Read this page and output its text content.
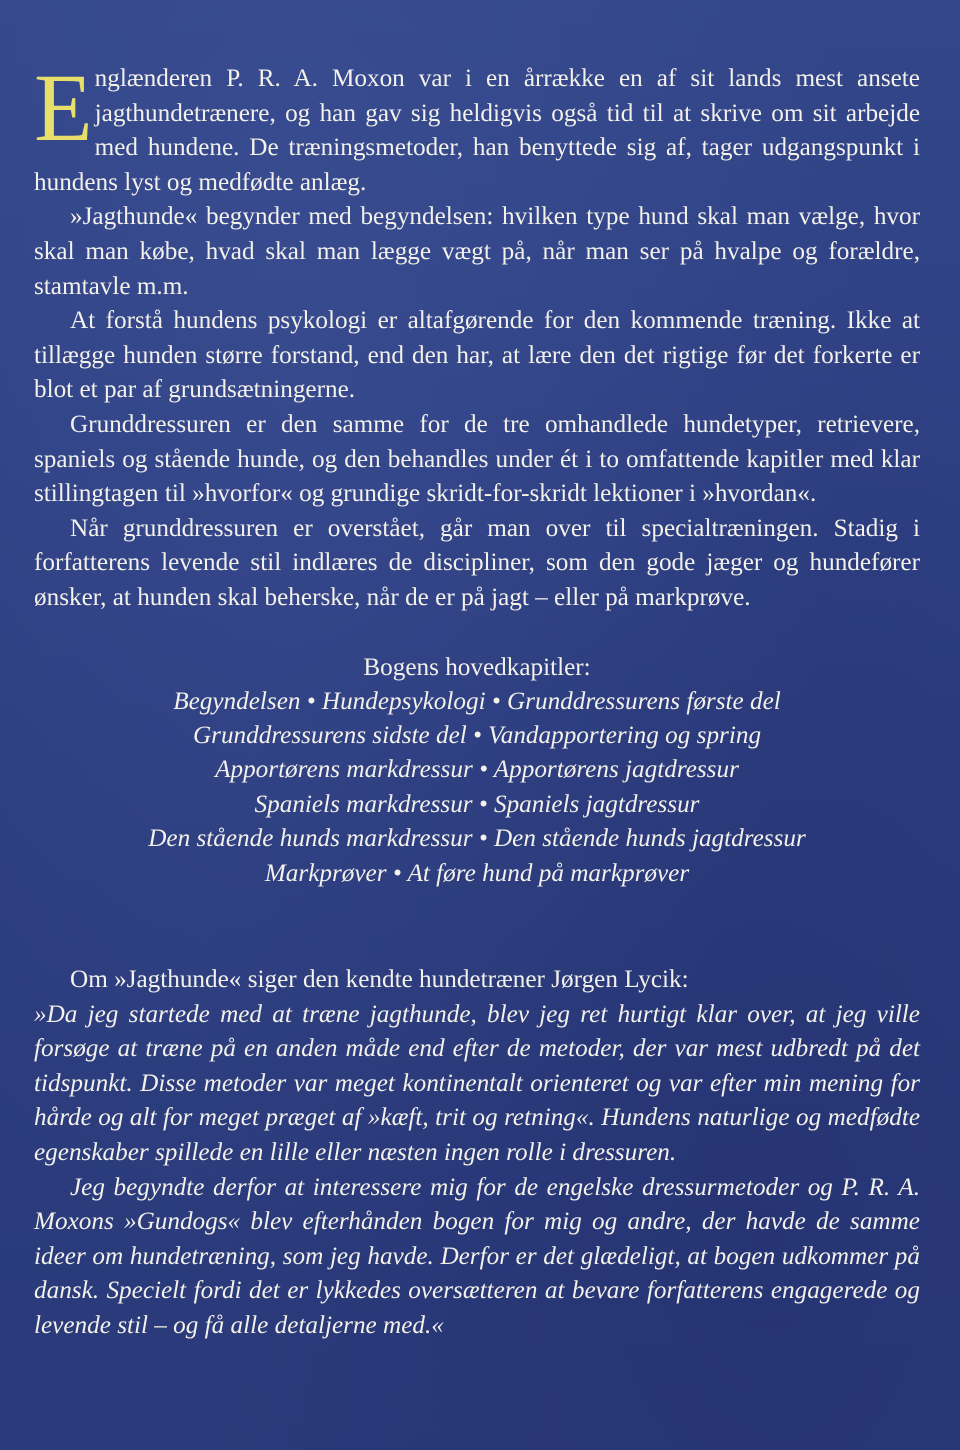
Englænderen P. R. A. Moxon var i en årrække en af sit lands mest ansete jagthundetrænere, og han gav sig heldigvis også tid til at skrive om sit arbejde med hundene. De træningsmetoder, han benyttede sig af, tager udgangspunkt i hundens lyst og medfødte anlæg.

»Jagthunde« begynder med begyndelsen: hvilken type hund skal man vælge, hvor skal man købe, hvad skal man lægge vægt på, når man ser på hvalpe og forældre, stamtavle m.m.

At forstå hundens psykologi er altafgørende for den kommende træning. Ikke at tillægge hunden større forstand, end den har, at lære den det rigtige før det forkerte er blot et par af grundsætningerne.

Grunddressuren er den samme for de tre omhandlede hundetyper, retrievere, spaniels og stående hunde, og den behandles under ét i to omfattende kapitler med klar stillingtagen til »hvorfor« og grundige skridt-for-skridt lektioner i »hvordan«.

Når grunddressuren er overstået, går man over til specialtræningen. Stadig i forfatterens levende stil indlæres de discipliner, som den gode jæger og hundefører ønsker, at hunden skal beherske, når de er på jagt – eller på markprøve.

Bogens hovedkapitler:

Begyndelsen • Hundepsykologi • Grunddressurens første del

Grunddressurens sidste del • Vandapportering og spring

Apportørens markdressur • Apportørens jagtdressur

Spaniels markdressur • Spaniels jagtdressur

Den stående hunds markdressur • Den stående hunds jagtdressur

Markprøver • At føre hund på markprøver

Om »Jagthunde« siger den kendte hundetræner Jørgen Lycik:

»Da jeg startede med at træne jagthunde, blev jeg ret hurtigt klar over, at jeg ville forsøge at træne på en anden måde end efter de metoder, der var mest udbredt på det tidspunkt. Disse metoder var meget kontinentalt orienteret og var efter min mening for hårde og alt for meget præget af »kæft, trit og retning«. Hundens naturlige og medfødte egenskaber spillede en lille eller næsten ingen rolle i dressuren.

Jeg begyndte derfor at interessere mig for de engelske dressurmetoder og P. R. A. Moxons »Gundogs« blev efterhånden bogen for mig og andre, der havde de samme ideer om hundetræning, som jeg havde. Derfor er det glædeligt, at bogen udkommer på dansk. Specielt fordi det er lykkedes oversætteren at bevare forfatterens engagerede og levende stil – og få alle detaljerne med.«
